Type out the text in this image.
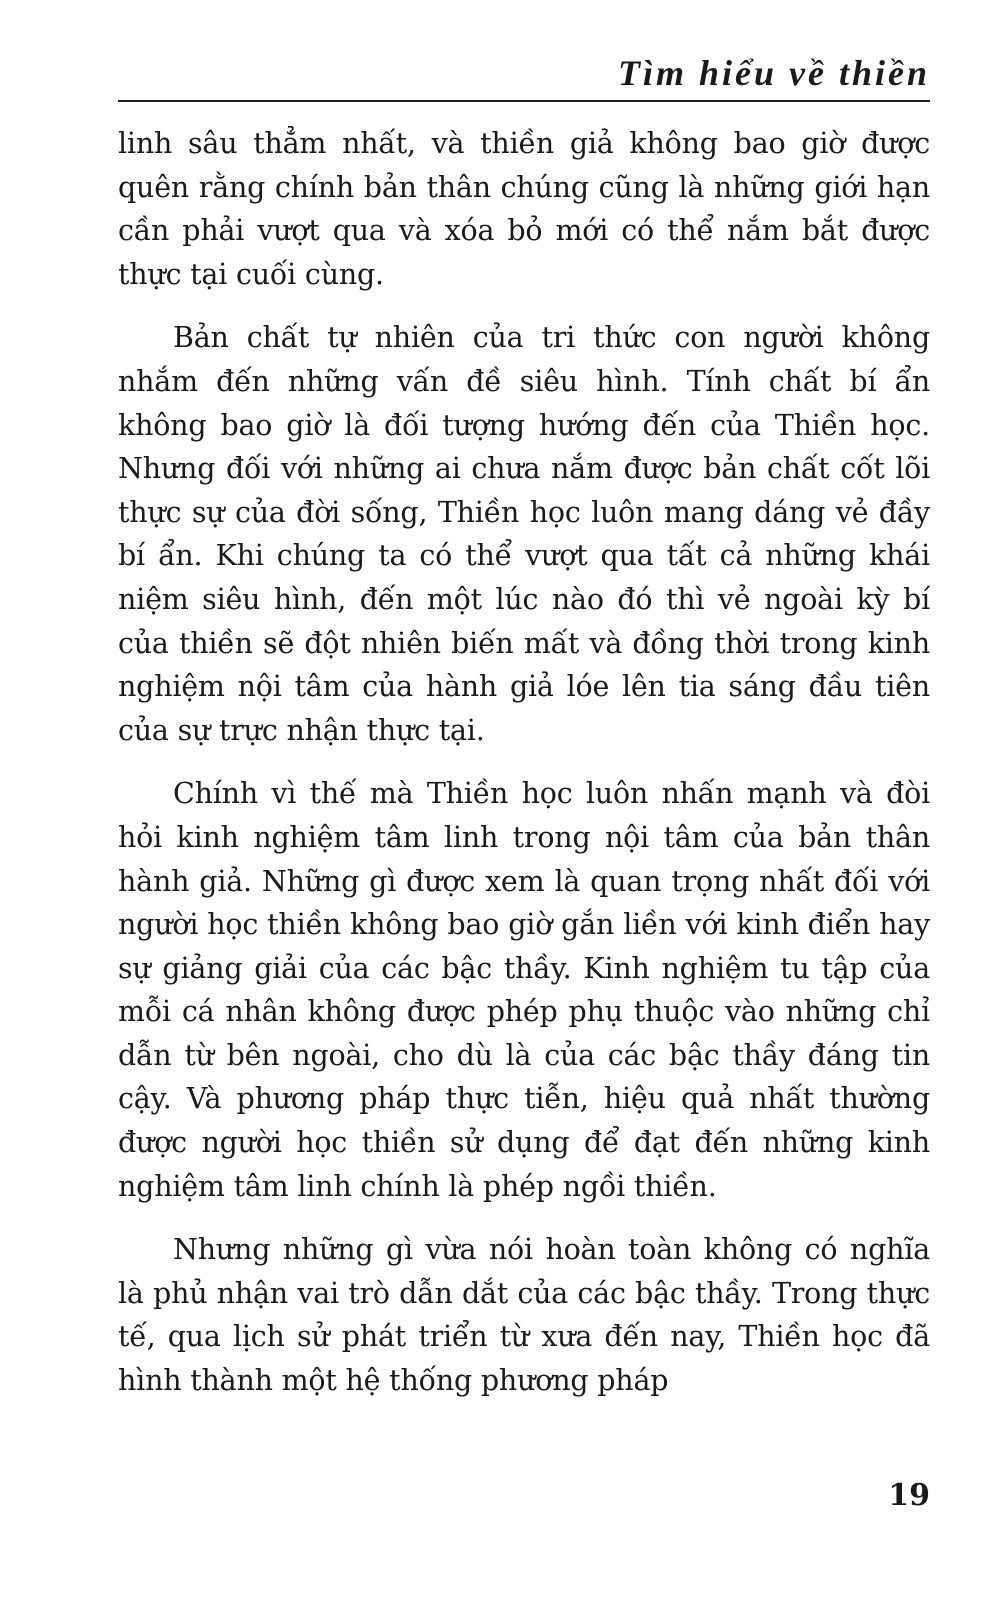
Tìm hiểu về thiền

linh sâu thẳm nhất, và thiền giả không bao giờ được quên rằng chính bản thân chúng cũng là những giới hạn cần phải vượt qua và xóa bỏ mới có thể nắm bắt được thực tại cuối cùng.

Bản chất tự nhiên của tri thức con người không nhắm đến những vấn đề siêu hình. Tính chất bí ẩn không bao giờ là đối tượng hướng đến của Thiền học. Nhưng đối với những ai chưa nắm được bản chất cốt lõi thực sự của đời sống, Thiền học luôn mang dáng vẻ đầy bí ẩn. Khi chúng ta có thể vượt qua tất cả những khái niệm siêu hình, đến một lúc nào đó thì vẻ ngoài kỳ bí của thiền sẽ đột nhiên biến mất và đồng thời trong kinh nghiệm nội tâm của hành giả lóe lên tia sáng đầu tiên của sự trực nhận thực tại.

Chính vì thế mà Thiền học luôn nhấn mạnh và đòi hỏi kinh nghiệm tâm linh trong nội tâm của bản thân hành giả. Những gì được xem là quan trọng nhất đối với người học thiền không bao giờ gắn liền với kinh điển hay sự giảng giải của các bậc thầy. Kinh nghiệm tu tập của mỗi cá nhân không được phép phụ thuộc vào những chỉ dẫn từ bên ngoài, cho dù là của các bậc thầy đáng tin cậy. Và phương pháp thực tiễn, hiệu quả nhất thường được người học thiền sử dụng để đạt đến những kinh nghiệm tâm linh chính là phép ngồi thiền.

Nhưng những gì vừa nói hoàn toàn không có nghĩa là phủ nhận vai trò dẫn dắt của các bậc thầy. Trong thực tế, qua lịch sử phát triển từ xưa đến nay, Thiền học đã hình thành một hệ thống phương pháp

19
